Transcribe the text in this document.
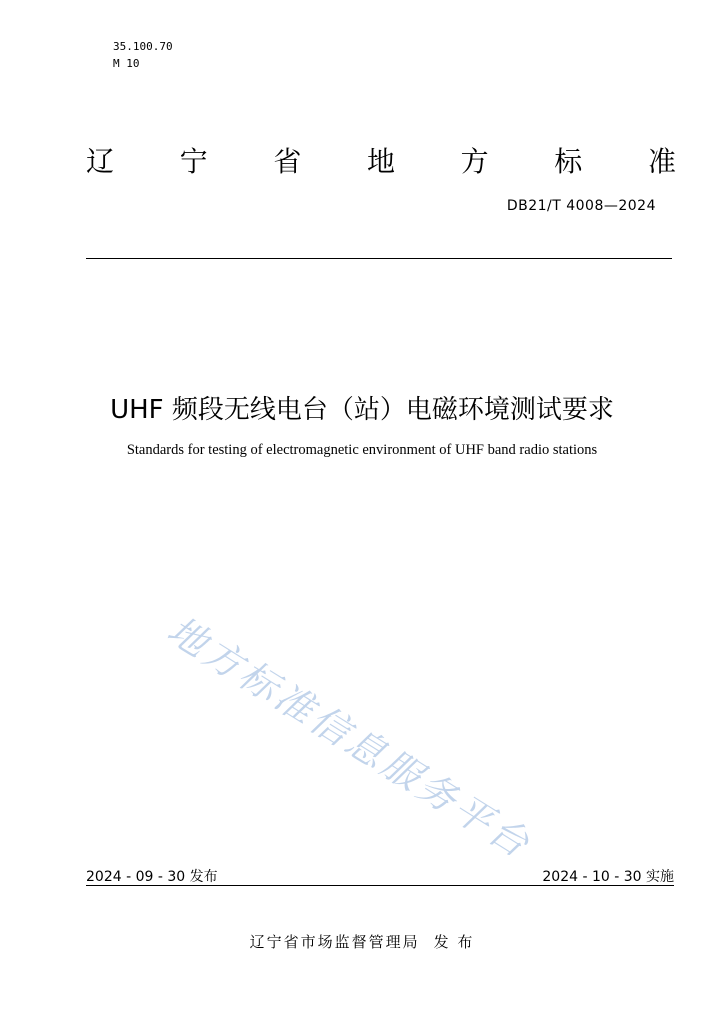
35.100.70
M 10
辽 宁 省 地 方 标 准
DB21/T 4008—2024
UHF 频段无线电台（站）电磁环境测试要求
Standards for testing of electromagnetic environment of UHF band radio stations
地方标准信息服务平台
2024 - 09 - 30 发布	2024 - 10 - 30 实施
辽宁省市场监督管理局 发 布
